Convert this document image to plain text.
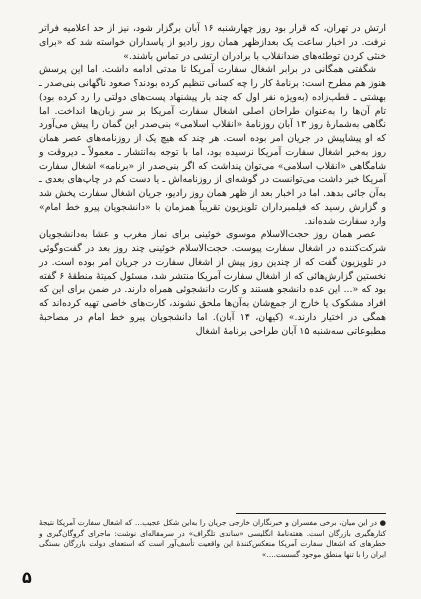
ارتش در تهران، که قرار بود روز چهارشنبه ۱۶ آبان برگزار شود، نیز از حد اعلامیه فراتر نرفت. در اخبار ساعت یک بعدازظهر همان روز رادیو از پاسداران خواسته شد که «برای خنثی کردن توطئه‌های ضدانقلاب با برادران ارتشی در تماس باشند.»

شگفتی همگانی در برابر اشغال سفارت آمریکا تا مدتی ادامه داشت. اما این پرسش هنوز هم مطرح است: برنامهٔ کار را چه کسانی تنظیم کرده بودند؟ صعود ناگهانی بنی‌صدر ـ بهشتی ـ قطب‌زاده (به‌ویژه نفر اول که چند بار پیشنهاد پست‌های دولتی را رد کرده بود) تام آن‌ها را به‌عنوان طراحان اصلی اشغال سفارت آمریکا بر سر زبان‌ها انداخت. اما نگاهی به‌شمارهٔ روز ۱۳ آبان روزنامهٔ «انقلاب اسلامی» بنی‌صدر این گمان را پیش می‌آورد که او پیشاپیش در جریان امر بوده است. هر چند که هیچ یک از روزنامه‌های عصر همان روز به‌خبر اشغال سفارت آمریکا نرسیده بود، اما با توجه به‌انتشار ـ معمولاً ـ دیروقت و شامگاهی «انقلاب اسلامی» می‌توان پنداشت که اگر بنی‌صدر از «برنامه» اشغال سفارت آمریکا خبر داشت می‌توانست در گوشه‌ای از روزنامه‌اش ـ یا دست کم در چاپ‌های بعدی ـ به‌آن جائی بدهد. اما در اخبار بعد از ظهر همان روز رادیو، جریان اشغال سفارت پخش شد و گزارش رسید که فیلمبرداران تلویزیون تقریباً همزمان با «دانشجویان پیرو خط امام» وارد سفارت شده‌اند.

عصر همان روز حجت‌الاسلام موسوی خوئینی برای نماز مغرب و عشا به‌دانشجویان شرکت‌کننده در اشغال سفارت پیوست. حجت‌الاسلام خوئینی چند روز بعد در گفت‌وگوئی در تلویزیون گفت که از چندین روز پیش از اشغال سفارت در جریان امر بوده است. در نخستین گزارش‌هائی که از اشغال سفارت آمریکا منتشر شد، مسئول کمیتهٔ منطقهٔ ۶ گفته بود که «... این عده دانشجو هستند و کارت دانشجوئی همراه دارند. در ضمن برای این که افراد مشکوک یا خارج از جمع‌شان به‌آن‌ها ملحق نشوند، کارت‌های خاصی تهیه کرده‌اند که همگی در اختیار دارند.» (کیهان، ۱۴ آبان). اما دانشجویان پیرو خط امام در مصاحبهٔ مطبوعاتی سه‌شنبه ۱۵ آبان طراحی برنامهٔ اشغال

● در این میان، برخی مفسران و خبرنگاران خارجی جریان را به‌این شکل عجیب… که اشغال سفارت آمریکا نتیجهٔ کنارهگیری بازرگان است. هفته‌نامهٔ انگلیسی «ساندی تلگراف» در سرمقاله‌ای نوشت: ماجرای گروگان‌گیری و خطرها‌ی که اشغال سفارت آمریکا منعکس‌کنندهٔ این واقعیت تأسف‌آور است که استعفای دولت بازرگان بستگی ایران را با تنها منطق موجود گسست.…»

۵
